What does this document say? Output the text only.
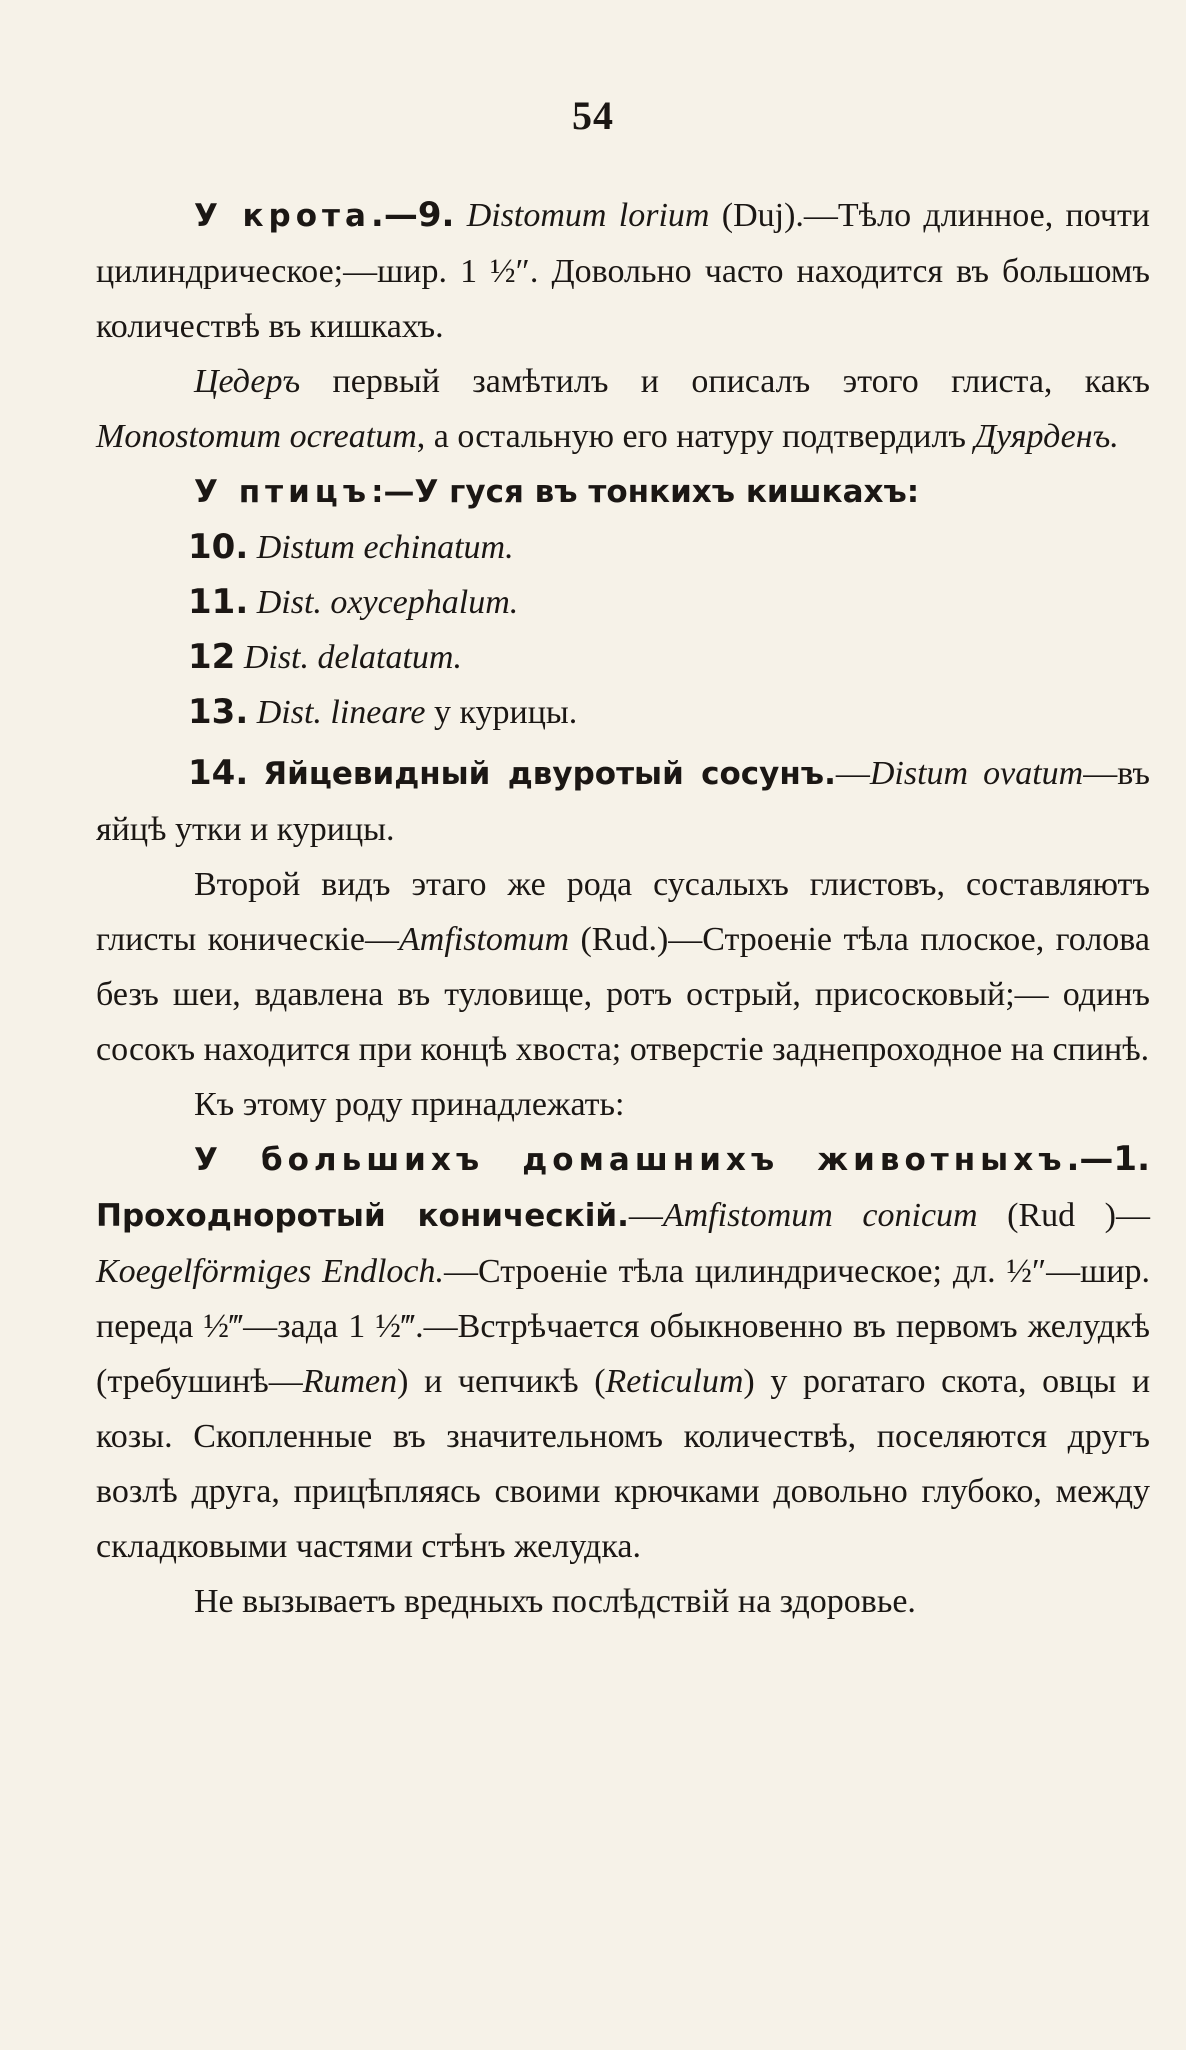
54

У крота.—9. Distomum lorium (Duj).—Тѣло длинное, почти цилиндрическое;—шир. 1 ½″. Довольно часто находится въ большомъ количествѣ въ кишкахъ.

Цедеръ первый замѣтилъ и описалъ этого глиста, какъ Monostomum ocreatum, а остальную его натуру подтвердилъ Дуярденъ.

У птицъ:—У гуся въ тонкихъ кишкахъ:

10. Distum echinatum.

11. Dist. oxycephalum.

12 Dist. delatatum.

13. Dist. lineare у курицы.

14. Яйцевидный двуротый сосунъ.—Distum ovatum—въ яйцѣ утки и курицы.

Второй видъ этаго же рода сусалыхъ глистовъ, составляютъ глисты коническіе—Amfistomum (Rud.)—Строеніе тѣла плоское, голова безъ шеи, вдавлена въ туловище, ротъ острый, присосковый;— одинъ сосокъ находится при концѣ хвоста; отверстіе заднепроходное на спинѣ.

Къ этому роду принадлежать:

У большихъ домашнихъ животныхъ.—1. Проходноротый коническій.—Amfistomum conicum (Rud )—Koegelförmiges Endloch.—Строеніе тѣла цилиндрическое; дл. ½″—шир. передa ½‴—зада 1 ½‴.—Встрѣчается обыкновенно въ первомъ желудкѣ (требушинѣ—Rumen) и чепчикѣ (Reticulum) у рогатаго скота, овцы и козы. Скопленные въ значительномъ количествѣ, поселяются другъ возлѣ друга, прицѣпляясь своими крючками довольно глубоко, между складковыми частями стѣнъ желудка.

Не вызываетъ вредныхъ послѣдствій на здоровье.
